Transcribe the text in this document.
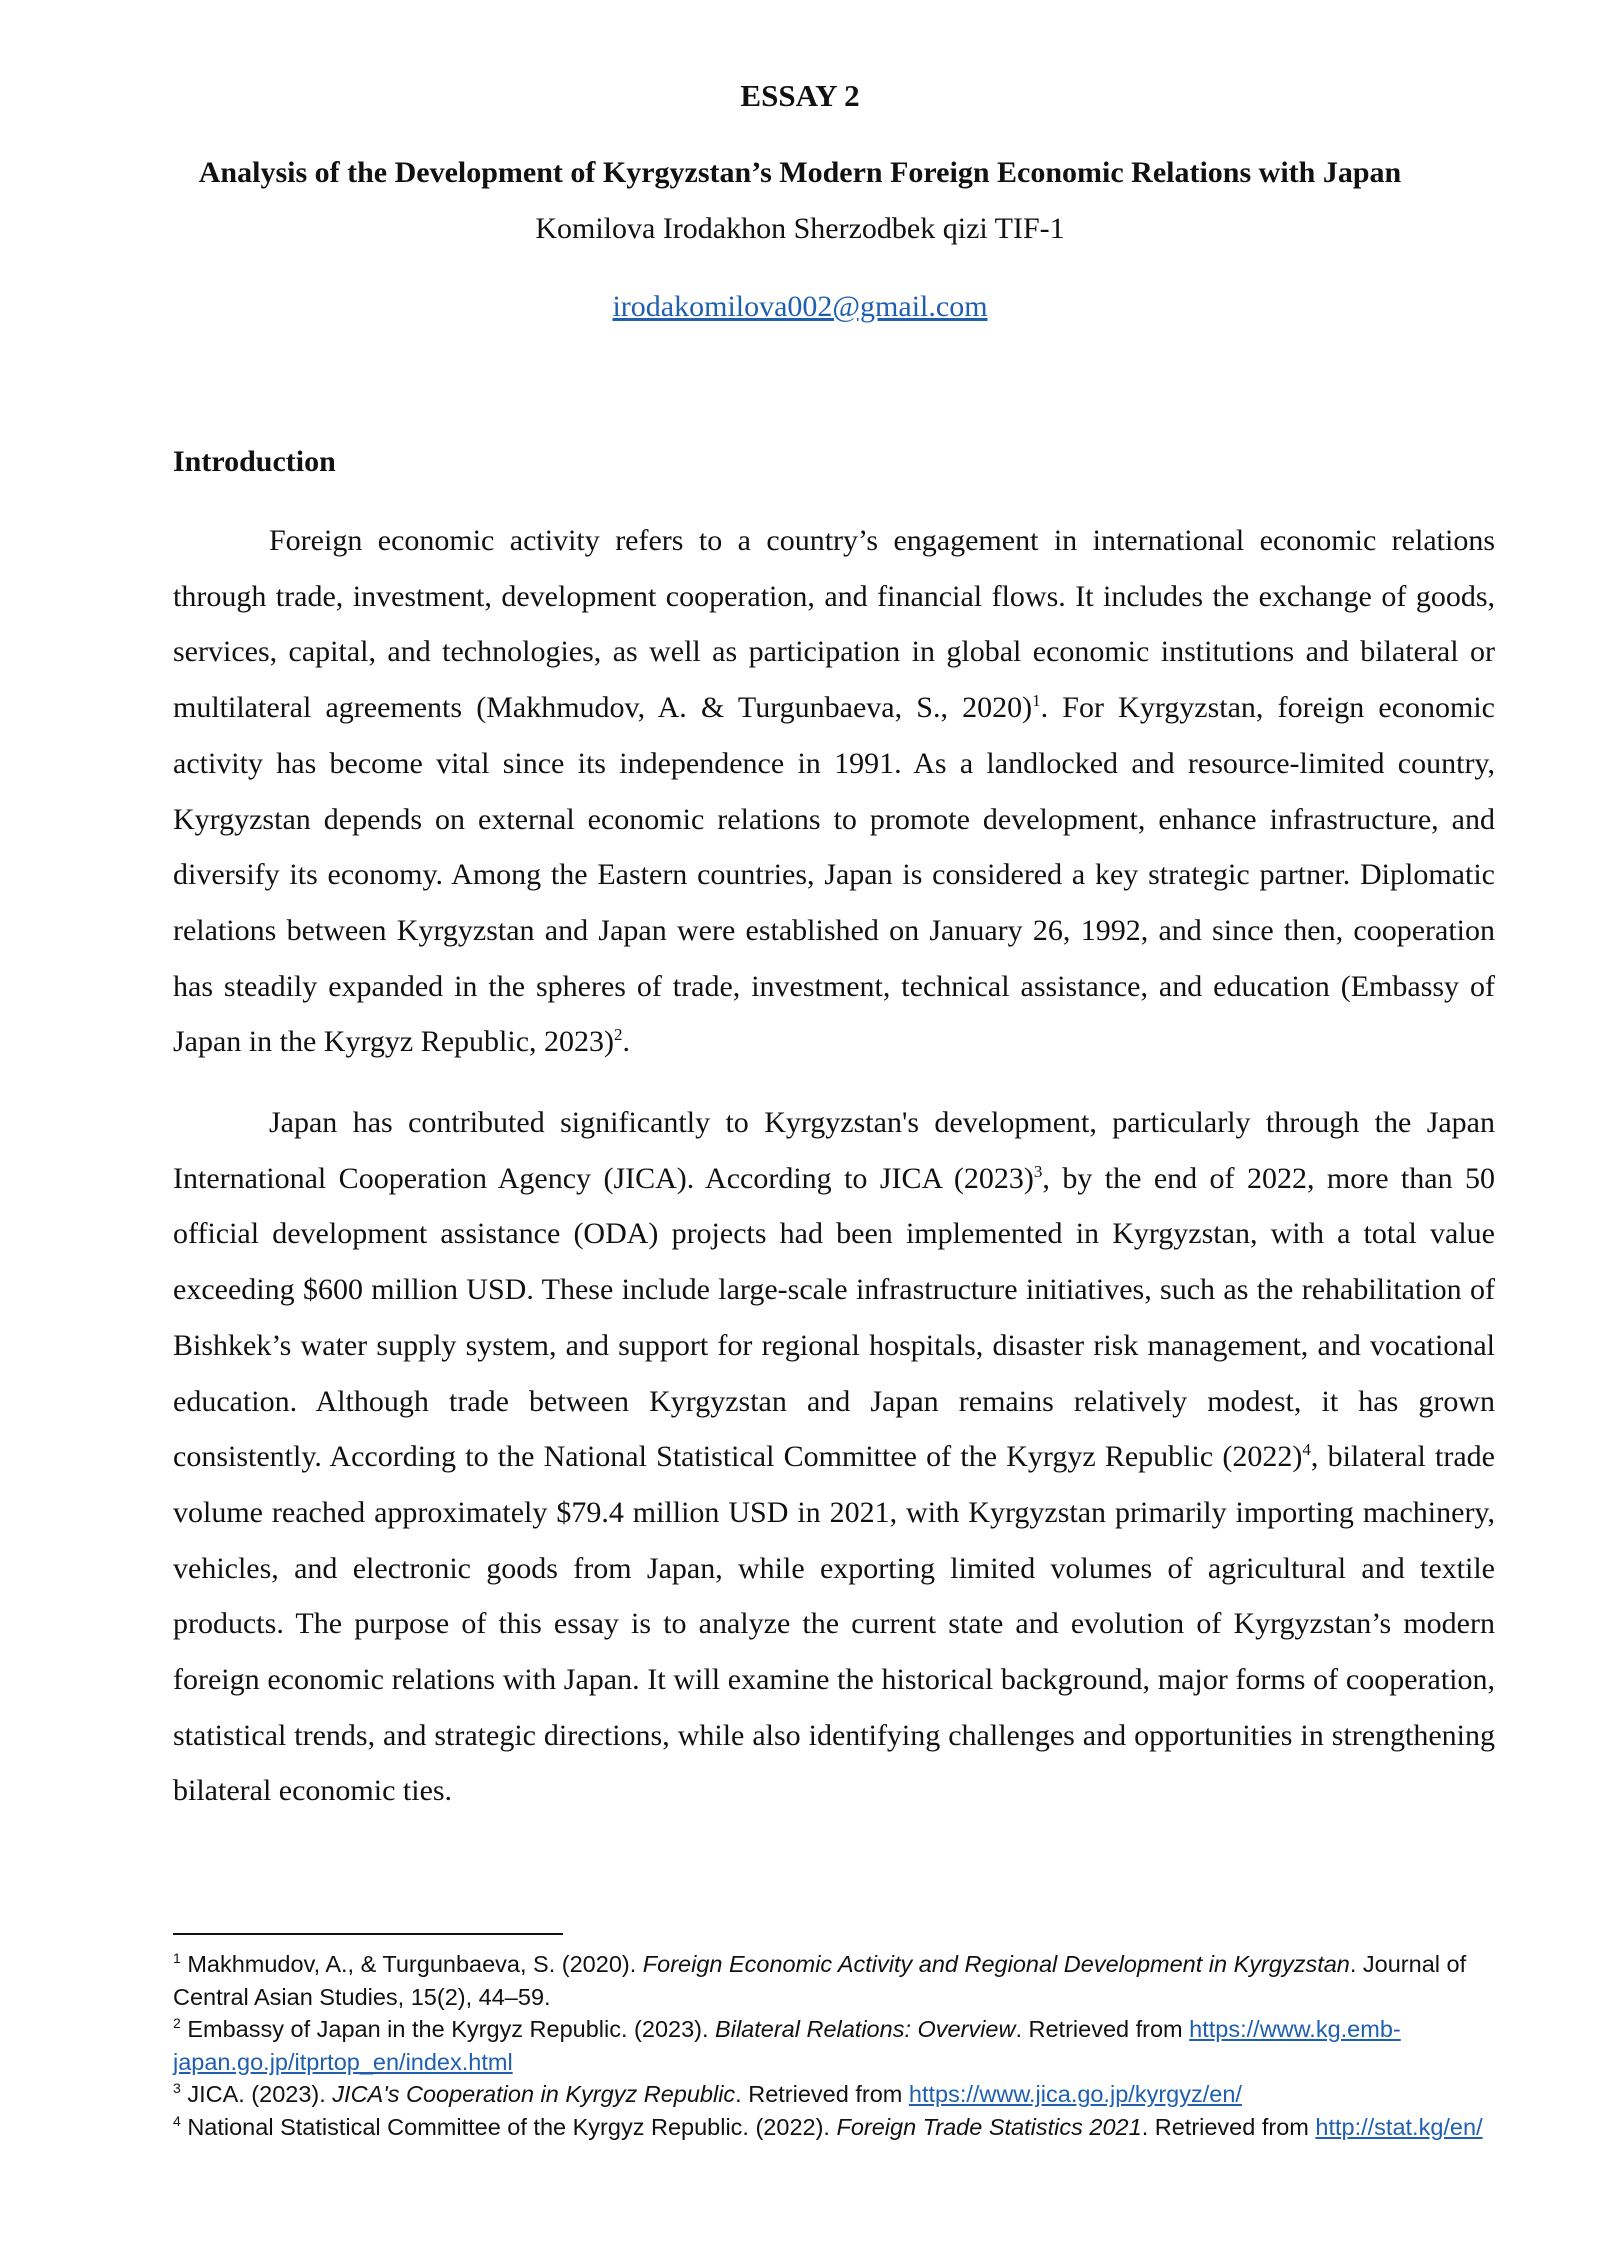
ESSAY 2
Analysis of the Development of Kyrgyzstan’s Modern Foreign Economic Relations with Japan
Komilova Irodakhon Sherzodbek qizi TIF-1
irodakomilova002@gmail.com
Introduction

Foreign economic activity refers to a country’s engagement in international economic relations through trade, investment, development cooperation, and financial flows. It includes the exchange of goods, services, capital, and technologies, as well as participation in global economic institutions and bilateral or multilateral agreements (Makhmudov, A. & Turgunbaeva, S., 2020)$^1$. For Kyrgyzstan, foreign economic activity has become vital since its independence in 1991. As a landlocked and resource-limited country, Kyrgyzstan depends on external economic relations to promote development, enhance infrastructure, and diversify its economy. Among the Eastern countries, Japan is considered a key strategic partner. Diplomatic relations between Kyrgyzstan and Japan were established on January 26, 1992, and since then, cooperation has steadily expanded in the spheres of trade, investment, technical assistance, and education (Embassy of Japan in the Kyrgyz Republic, 2023)$^2$.

Japan has contributed significantly to Kyrgyzstan's development, particularly through the Japan International Cooperation Agency (JICA). According to JICA $(2023)^3$, by the end of 2022, more than 50 official development assistance (ODA) projects had been implemented in Kyrgyzstan, with a total value exceeding $600 million USD. These include large-scale infrastructure initiatives, such as the rehabilitation of Bishkek’s water supply system, and support for regional hospitals, disaster risk management, and vocational education. Although trade between Kyrgyzstan and Japan remains relatively modest, it has grown consistently. According to the National Statistical Committee of the Kyrgyz Republic $(2022)^4$, bilateral trade volume reached approximately $79.4 million USD in 2021, with Kyrgyzstan primarily importing machinery, vehicles, and electronic goods from Japan, while exporting limited volumes of agricultural and textile products. The purpose of this essay is to analyze the current state and evolution of Kyrgyzstan’s modern foreign economic relations with Japan. It will examine the historical background, major forms of cooperation, statistical trends, and strategic directions, while also identifying challenges and opportunities in strengthening bilateral economic ties.

$^1$ Makhmudov, A., & Turgunbaeva, S. (2020). Foreign Economic Activity and Regional Development in Kyrgyzstan. Journal of Central Asian Studies, 15(2), 44–59.

$^2$ Embassy of Japan in the Kyrgyz Republic. (2023). Bilateral Relations: Overview. Retrieved from https://www.kg.emb-japan.go.jp/itprtop_en/index.html

$^3$ JICA. (2023). JICA's Cooperation in Kyrgyz Republic. Retrieved from https://www.jica.go.jp/kyrgyz/en/

$^4$ National Statistical Committee of the Kyrgyz Republic. (2022). Foreign Trade Statistics 2021. Retrieved from http://stat.kg/en/
